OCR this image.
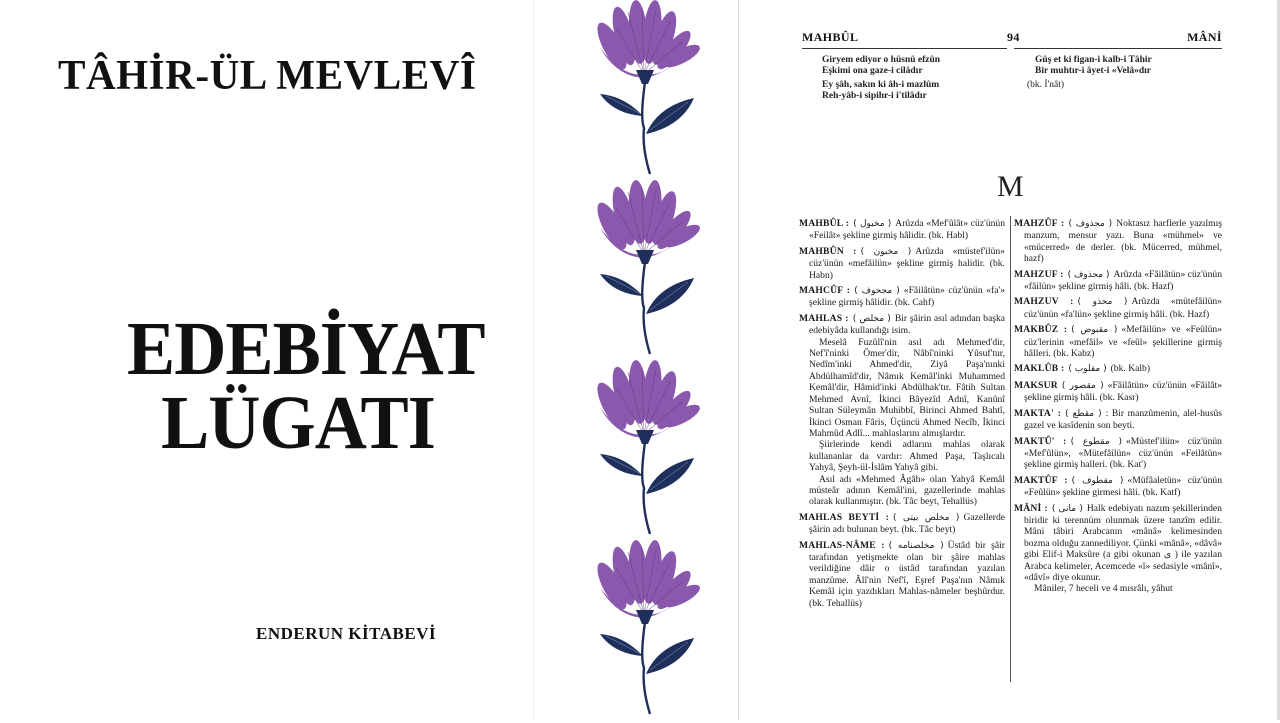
TÂHİR-ÜL MEVLEVÎ
EDEBİYAT
LÜGATI
ENDERUN KİTABEVİ
MAHBÛL	94	MÂNİ
Giryem ediyor o hüsnü efzûn
Eşkimi ona gaze-i cilâdır
Ey şâh, sakın ki âh-i mazlûm
Reh-yâb-i sipihr-i i'tilâdır
Güş et ki figan-i kalb-i Tâhir
Bir muhtır-i âyet-i «Velâ»dır
(bk. İ'nât)
M
MAHBÛL : ( مخبول ) Arûzda «Mef'ûlât» cüz'ünün «Feilât» şekline girmiş hâlidir. (bk. Habl)
MAHBÛN : ( مخبون ) Arûzda «müstef'ilün» cüz'ünün «mefâilün» şekline girmiş halidir. (bk. Habn)
MAHCÛF : ( مجحوف ) «Fâilâtün» cüz'ünün «fa'» şekline girmiş hâlidir. (bk. Cahf)
MAHLAS : ( مخلص ) Bir şâirin asıl adından başka edebiyâda kullandığı isim.

Meselâ Fuzûlî'nin asıl adı Mehmed'dir, Nef'î'ninki Ömer'dir, Nâbî'ninki Yûsuf'tur, Nedîm'inki Ahmed'dir, Ziyâ Paşa'nınki Abdülhamîd'dir, Nâmık Kemâl'inki Muhammed Kemâl'dir, Hâmid'inki Abdülhak'tır. Fâtih Sultan Mehmed Avnî, İkinci Bâyezîd Adnî, Kanûnî Sultan Süleymân Muhibbî, Birinci Ahmed Bahtî, İkinci Osman Fâris, Üçüncü Ahmed Necîb, İkinci Mahmûd Adlî... mahlaslarını almışlardır.

Şiirlerinde kendi adlarını mahlas olarak kullananlar da vardır: Ahmed Paşa, Taşlıcalı Yahyâ, Şeyh-ül-İslâm Yahyâ gibi.

Asıl adı «Mehmed Âgâh» olan Yahyâ Kemâl müsteâr adının Kemâl'ini, gazellerinde mahlas olarak kullanmıştır. (bk. Tâc beyt, Tehallüs)

MAHLAS BEYTİ : ( مخلص بيتی ) Gazellerde şâirin adı bulunan beyt. (bk. Tâc beyt)
MAHLAS-NÂME : ( مخلصنامه ) Üstâd bir şâir tarafından yetişmekte olan bir şâire mahlas verildiğine dâir o üstâd tarafından yazılan manzûme. Âlî'nin Nef'î, Eşref Paşa'nın Nâmık Kemâl için yazdıkları Mahlas-nâmeler beşhûrdur. (bk. Tehallüs)
MAHZÛF : ( محذوف ) Noktasız harflerle yazılmış manzum, mensur yazı. Buna «mühmel» ve «mücerred» de derler. (bk. Mücerred, mühmel, hazf)
MAHZUF : ( محذوف ) Arûzda «Fâilâtün» cüz'ünün «fâilün» şekline girmiş hâli. (bk. Hazf)
MAHZUV : ( محذو ) Arûzda «mütefâilün» cüz'ünün «fa'lün» şekline girmiş hâli. (bk. Hazf)
MAKBÛZ : ( مقبوض ) «Mefâilün» ve «Feûlün» cüz'lerinin «mefâil» ve «feûl» şekillerine girmiş hâlleri. (bk. Kabz)
MAKLÛB : ( مقلوب ) (bk. Kalb)
MAKSUR ( مقصور ) «Fâilâtün» cüz'ünün «Fâilât» şekline girmiş hâli. (bk. Kasr)
MAKTA' : ( مقطع ) : Bir manzûmenin, alel-husûs gazel ve kasîdenin son beyti.
MAKTÛ' : ( مقطوع ) «Müstef'ilün» cüz'ünün «Mef'ûlün», «Mütefâilün» cüz'ünün «Feilâtün» şekline girmiş halleri. (bk. Kat')
MAKTÛF : ( مقطوف ) «Müfâaletün» cüz'ünün «Feûlün» şekline girmesi hâli. (bk. Katf)
MÂNİ : ( مانی ) Halk edebiyatı nazım şekillerinden biridir ki terennüm olunmak üzere tanzîm edilir. Mâni tâbiri Arabcanın «mânâ» kelimesinden bozma olduğu zannediliyor. Çünki «mânâ», «dâvâ» gibi Elif-i Maksûre (a gibi okunan ى ) ile yazılan Arabca kelimeler, Acemcede «î» sedasiyle «mânî», «dâvî» diye okunur.

Mâniler, 7 heceli ve 4 mısrâlı, yâhut
